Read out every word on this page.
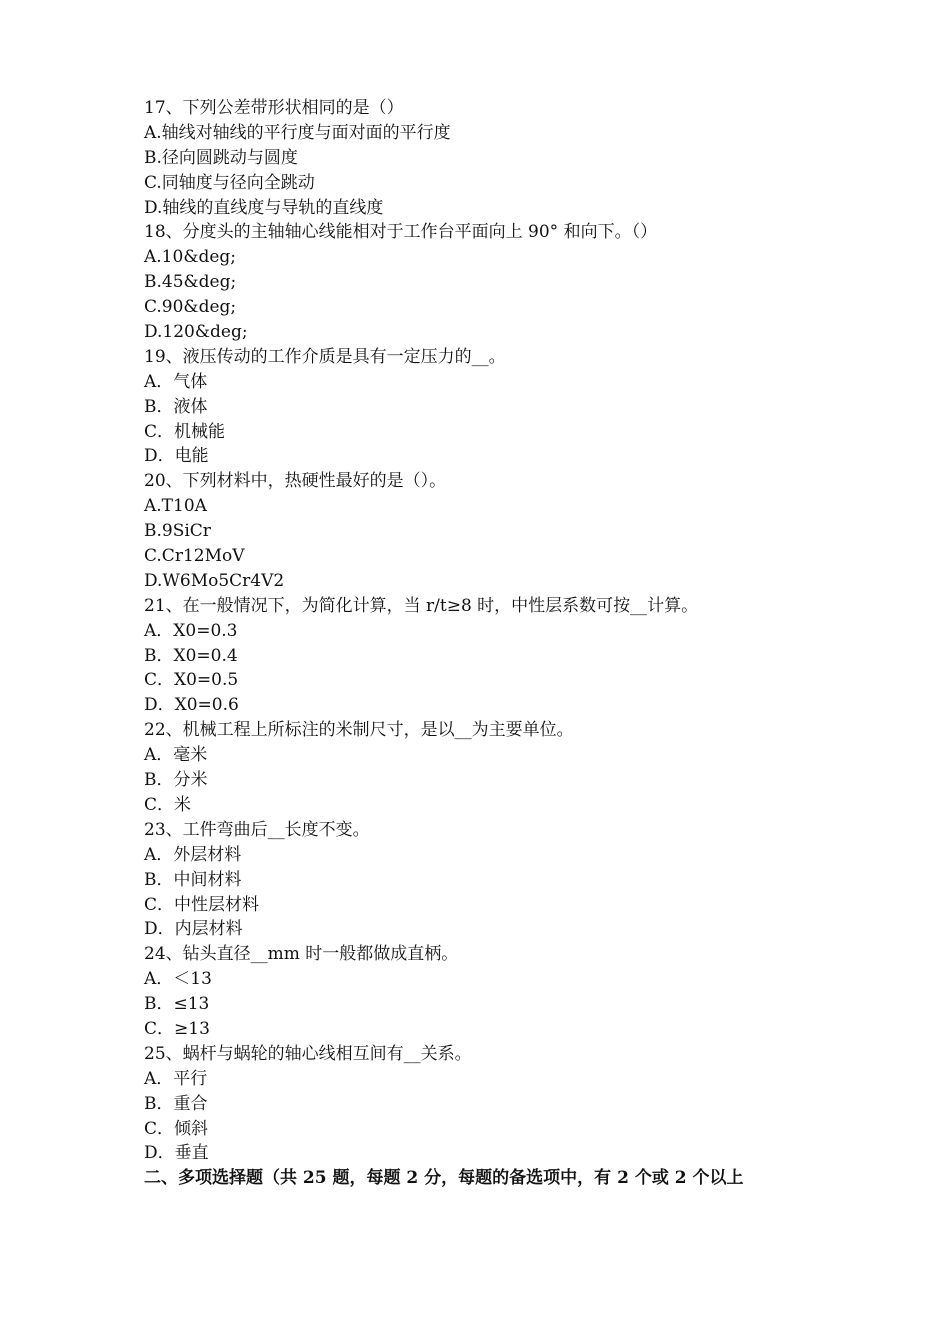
17、下列公差带形状相同的是（）
A.轴线对轴线的平行度与面对面的平行度
B.径向圆跳动与圆度
C.同轴度与径向全跳动
D.轴线的直线度与导轨的直线度
18、分度头的主轴轴心线能相对于工作台平面向上 90° 和向下。（）
A.10&deg;
B.45&deg;
C.90&deg;
D.120&deg;
19、液压传动的工作介质是具有一定压力的__。
A．气体
B．液体
C．机械能
D．电能
20、下列材料中，热硬性最好的是（）。
A.T10A
B.9SiCr
C.Cr12MoV
D.W6Mo5Cr4V2
21、在一般情况下，为简化计算，当 r/t≥8 时，中性层系数可按__计算。
A．X0=0.3
B．X0=0.4
C．X0=0.5
D．X0=0.6
22、机械工程上所标注的米制尺寸，是以__为主要单位。
A．毫米
B．分米
C．米
23、工件弯曲后__长度不变。
A．外层材料
B．中间材料
C．中性层材料
D．内层材料
24、钻头直径__mm 时一般都做成直柄。
A．＜13
B．≤13
C．≥13
25、蜗杆与蜗轮的轴心线相互间有__关系。
A．平行
B．重合
C．倾斜
D．垂直
二、多项选择题（共 25 题，每题 2 分，每题的备选项中，有 2 个或 2 个以上
